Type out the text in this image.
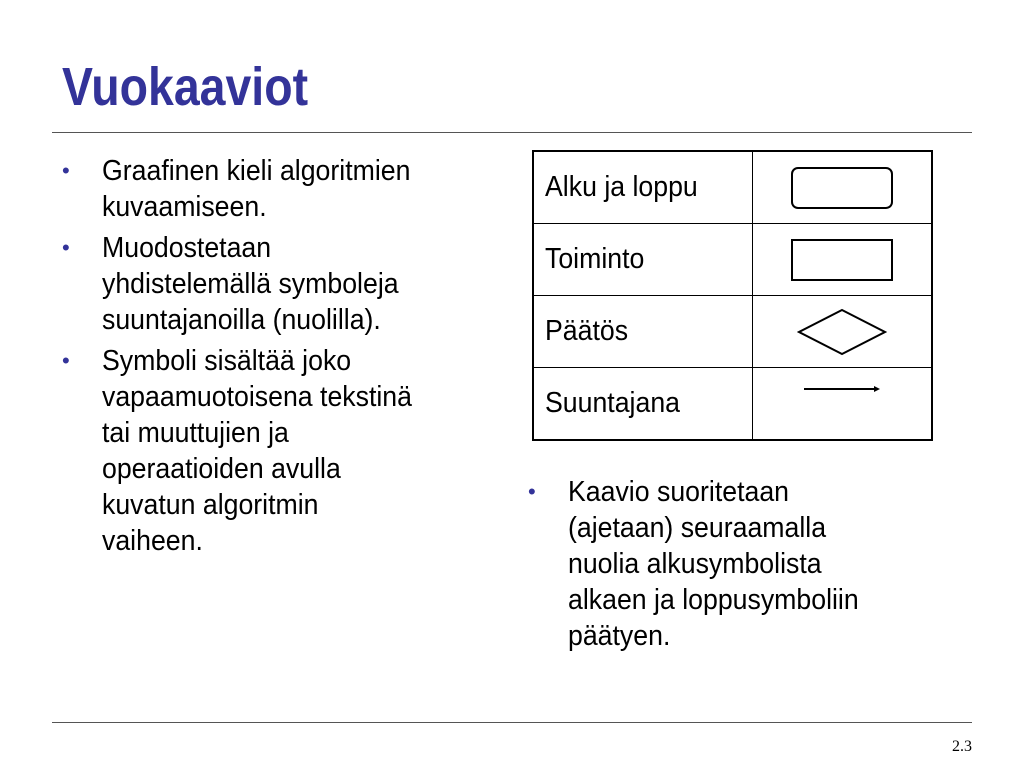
Vuokaaviot
• Graafinen kieli algoritmien
kuvaamiseen.
• Muodostetaan
yhdistelemällä symboleja
suuntajanoilla (nuolilla).
• Symboli sisältää joko
vapaamuotoisena tekstinä
tai muuttujien ja
operaatioiden avulla
kuvatun algoritmin
vaiheen.
Alku ja loppu	

Toiminto	

Päätös	

Suuntajana	
• Kaavio suoritetaan
(ajetaan) seuraamalla
nuolia alkusymbolista
alkaen ja loppusymboliin
päätyen.
2.3
